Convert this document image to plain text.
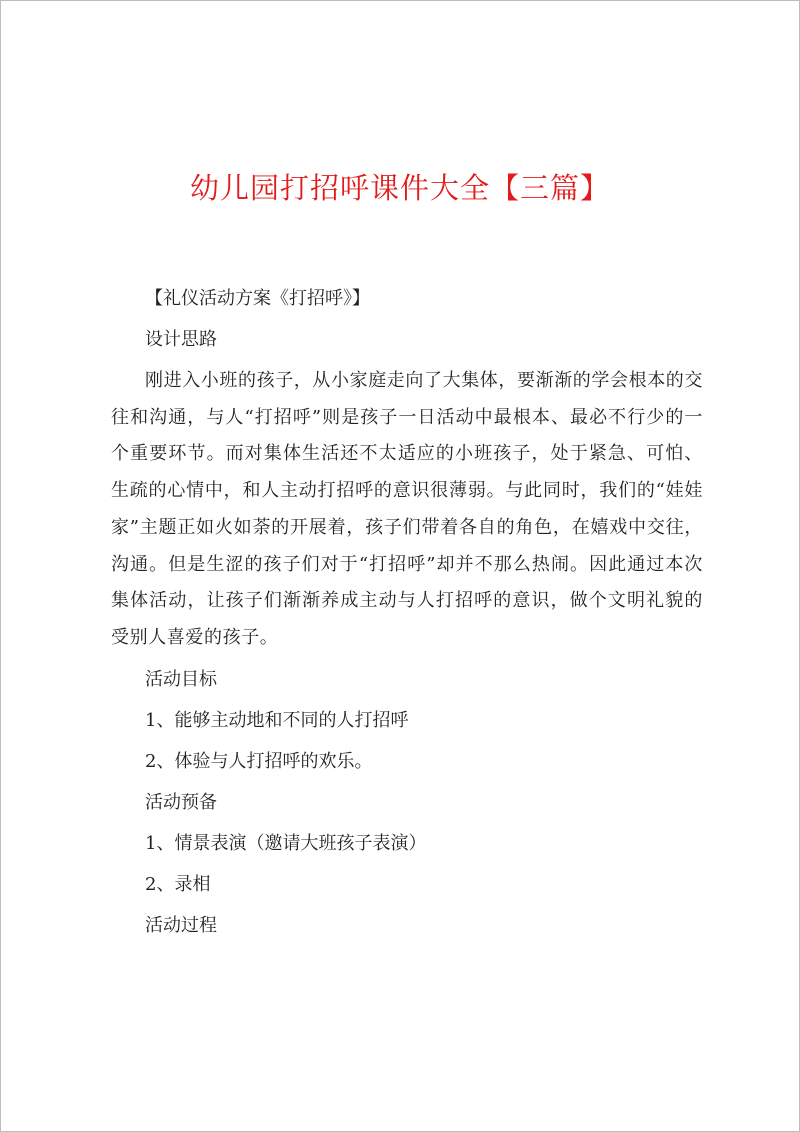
幼儿园打招呼课件大全【三篇】
【礼仪活动方案《打招呼》】
设计思路
刚进入小班的孩子，从小家庭走向了大集体，要渐渐的学会根本的交往和沟通，与人“打招呼”则是孩子一日活动中最根本、最必不行少的一个重要环节。而对集体生活还不太适应的小班孩子，处于紧急、可怕、生疏的心情中，和人主动打招呼的意识很薄弱。与此同时，我们的“娃娃家”主题正如火如荼的开展着，孩子们带着各自的角色，在嬉戏中交往，沟通。但是生涩的孩子们对于“打招呼”却并不那么热闹。因此通过本次集体活动，让孩子们渐渐养成主动与人打招呼的意识，做个文明礼貌的受别人喜爱的孩子。
活动目标
1、能够主动地和不同的人打招呼
2、体验与人打招呼的欢乐。
活动预备
1、情景表演（邀请大班孩子表演）
2、录相
活动过程
